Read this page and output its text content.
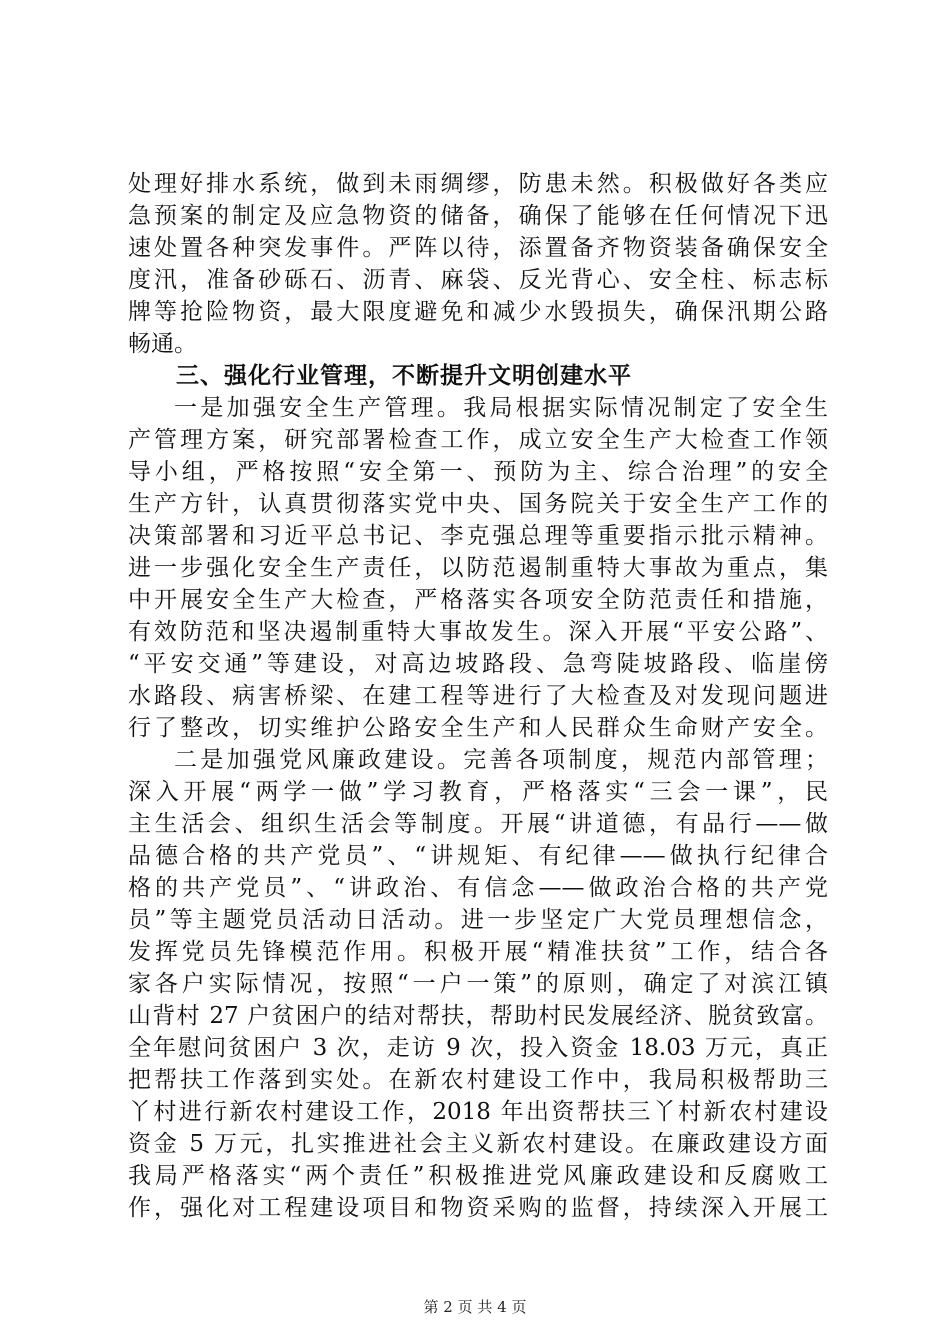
处理好排水系统，做到未雨绸缪，防患未然。积极做好各类应
急预案的制定及应急物资的储备，确保了能够在任何情况下迅
速处置各种突发事件。严阵以待，添置备齐物资装备确保安全
度汛，准备砂砾石、沥青、麻袋、反光背心、安全柱、标志标
牌等抢险物资，最大限度避免和减少水毁损失，确保汛期公路
畅通。
三、强化行业管理，不断提升文明创建水平
一是加强安全生产管理。我局根据实际情况制定了安全生
产管理方案，研究部署检查工作，成立安全生产大检查工作领
导小组，严格按照“安全第一、预防为主、综合治理”的安全
生产方针，认真贯彻落实党中央、国务院关于安全生产工作的
决策部署和习近平总书记、李克强总理等重要指示批示精神。
进一步强化安全生产责任，以防范遏制重特大事故为重点，集
中开展安全生产大检查，严格落实各项安全防范责任和措施，
有效防范和坚决遏制重特大事故发生。深入开展“平安公路”、
“平安交通”等建设，对高边坡路段、急弯陡坡路段、临崖傍
水路段、病害桥梁、在建工程等进行了大检查及对发现问题进
行了整改，切实维护公路安全生产和人民群众生命财产安全。
二是加强党风廉政建设。完善各项制度，规范内部管理；
深入开展“两学一做”学习教育，严格落实“三会一课”，民
主生活会、组织生活会等制度。开展“讲道德，有品行——做
品德合格的共产党员”、“讲规矩、有纪律——做执行纪律合
格的共产党员”、“讲政治、有信念——做政治合格的共产党
员”等主题党员活动日活动。进一步坚定广大党员理想信念，
发挥党员先锋模范作用。积极开展“精准扶贫”工作，结合各
家各户实际情况，按照“一户一策”的原则，确定了对滨江镇
山背村 27 户贫困户的结对帮扶，帮助村民发展经济、脱贫致富。
全年慰问贫困户 3 次，走访 9 次，投入资金 18.03 万元，真正
把帮扶工作落到实处。在新农村建设工作中，我局积极帮助三
丫村进行新农村建设工作，2018 年出资帮扶三丫村新农村建设
资金 5 万元，扎实推进社会主义新农村建设。在廉政建设方面
我局严格落实“两个责任”积极推进党风廉政建设和反腐败工
作，强化对工程建设项目和物资采购的监督，持续深入开展工
第 2 页 共 4 页
